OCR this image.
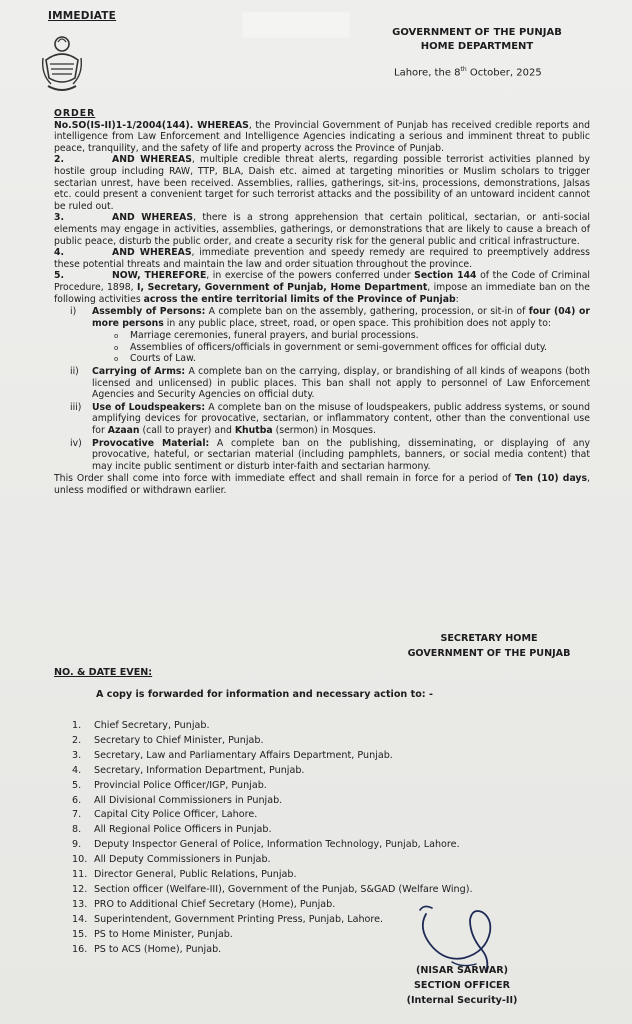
IMMEDIATE
GOVERNMENT OF THE PUNJAB
HOME DEPARTMENT
Lahore, the 8th October, 2025
ORDER

No.SO(IS-II)1-1/2004(144). WHEREAS, the Provincial Government of Punjab has received credible reports and intelligence from Law Enforcement and Intelligence Agencies indicating a serious and imminent threat to public peace, tranquility, and the safety of life and property across the Province of Punjab.

2.	AND WHEREAS, multiple credible threat alerts, regarding possible terrorist activities planned by hostile group including RAW, TTP, BLA, Daish etc. aimed at targeting minorities or Muslim scholars to trigger sectarian unrest, have been received. Assemblies, rallies, gatherings, sit-ins, processions, demonstrations, Jalsas etc. could present a convenient target for such terrorist attacks and the possibility of an untoward incident cannot be ruled out.

3.	AND WHEREAS, there is a strong apprehension that certain political, sectarian, or anti-social elements may engage in activities, assemblies, gatherings, or demonstrations that are likely to cause a breach of public peace, disturb the public order, and create a security risk for the general public and critical infrastructure.

4.	AND WHEREAS, immediate prevention and speedy remedy are required to preemptively address these potential threats and maintain the law and order situation throughout the province.

5.	NOW, THEREFORE, in exercise of the powers conferred under Section 144 of the Code of Criminal Procedure, 1898, I, Secretary, Government of Punjab, Home Department, impose an immediate ban on the following activities across the entire territorial limits of the Province of Punjab:

i) Assembly of Persons: A complete ban on the assembly, gathering, procession, or sit-in of four (04) or more persons in any public place, street, road, or open space. This prohibition does not apply to:

o Marriage ceremonies, funeral prayers, and burial processions.

o Assemblies of officers/officials in government or semi-government offices for official duty.

o Courts of Law.

ii) Carrying of Arms: A complete ban on the carrying, display, or brandishing of all kinds of weapons (both licensed and unlicensed) in public places. This ban shall not apply to personnel of Law Enforcement Agencies and Security Agencies on official duty.
iii) Use of Loudspeakers: A complete ban on the misuse of loudspeakers, public address systems, or sound amplifying devices for provocative, sectarian, or inflammatory content, other than the conventional use for Azaan (call to prayer) and Khutba (sermon) in Mosques.
iv) Provocative Material: A complete ban on the publishing, disseminating, or displaying of any provocative, hateful, or sectarian material (including pamphlets, banners, or social media content) that may incite public sentiment or disturb inter-faith and sectarian harmony.

This Order shall come into force with immediate effect and shall remain in force for a period of Ten (10) days, unless modified or withdrawn earlier.

SECRETARY HOME
GOVERNMENT OF THE PUNJAB
NO. & DATE EVEN:
A copy is forwarded for information and necessary action to: -
1. Chief Secretary, Punjab.
2. Secretary to Chief Minister, Punjab.
3. Secretary, Law and Parliamentary Affairs Department, Punjab.
4. Secretary, Information Department, Punjab.
5. Provincial Police Officer/IGP, Punjab.
6. All Divisional Commissioners in Punjab.
7. Capital City Police Officer, Lahore.
8. All Regional Police Officers in Punjab.
9. Deputy Inspector General of Police, Information Technology, Punjab, Lahore.
10. All Deputy Commissioners in Punjab.
11. Director General, Public Relations, Punjab.
12. Section officer (Welfare-III), Government of the Punjab, S&GAD (Welfare Wing).
13. PRO to Additional Chief Secretary (Home), Punjab.
14. Superintendent, Government Printing Press, Punjab, Lahore.
15. PS to Home Minister, Punjab.
16. PS to ACS (Home), Punjab.
(NISAR SARWAR)
SECTION OFFICER
(Internal Security-II)
